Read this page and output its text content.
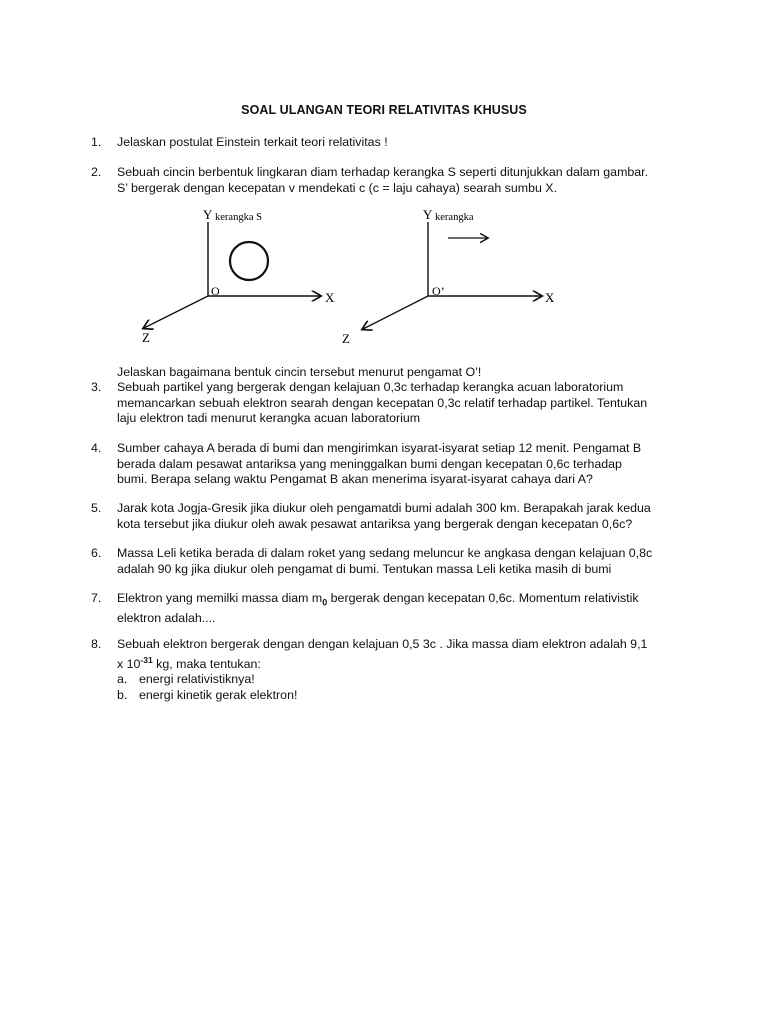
SOAL ULANGAN TEORI RELATIVITAS KHUSUS
1. Jelaskan postulat Einstein terkait teori relativitas !
2. Sebuah cincin berbentuk lingkaran diam terhadap kerangka S seperti ditunjukkan dalam gambar.
S’ bergerak dengan kecepatan v mendekati c (c = laju cahaya) searah sumbu X.
Y kerangka S
O	X
Z
Y kerangka
O’	X
Z
Jelaskan bagaimana bentuk cincin tersebut menurut pengamat O’!
3. Sebuah partikel yang bergerak dengan kelajuan 0,3c terhadap kerangka acuan laboratorium
memancarkan sebuah elektron searah dengan kecepatan 0,3c relatif terhadap partikel. Tentukan
laju elektron tadi menurut kerangka acuan laboratorium
4. Sumber cahaya A berada di bumi dan mengirimkan isyarat-isyarat setiap 12 menit. Pengamat B
berada dalam pesawat antariksa yang meninggalkan bumi dengan kecepatan 0,6c terhadap
bumi. Berapa selang waktu Pengamat B akan menerima isyarat-isyarat cahaya dari A?
5. Jarak kota Jogja-Gresik jika diukur oleh pengamatdi bumi adalah 300 km. Berapakah jarak kedua
kota tersebut jika diukur oleh awak pesawat antariksa yang bergerak dengan kecepatan 0,6c?
6. Massa Leli ketika berada di dalam roket yang sedang meluncur ke angkasa dengan kelajuan 0,8c
adalah 90 kg jika diukur oleh pengamat di bumi. Tentukan massa Leli ketika masih di bumi
7. Elektron yang memilki massa diam $m_0$ bergerak dengan kecepatan 0,6c. Momentum relativistik
elektron adalah....
8. Sebuah elektron bergerak dengan dengan kelajuan 0,5 3c . Jika massa diam elektron adalah 9,1
x $10^{-31}$ kg, maka tentukan:
a. energi relativistiknya!
b. energi kinetik gerak elektron!
